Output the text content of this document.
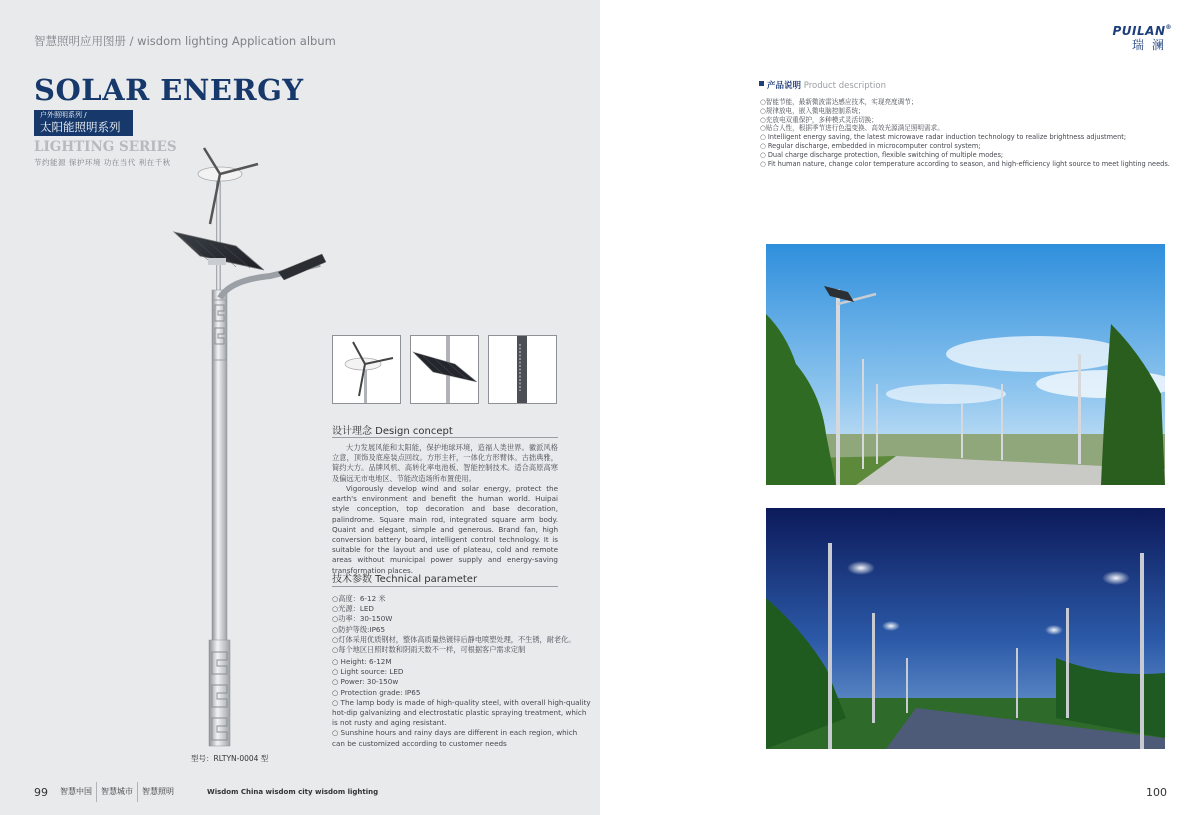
智慧照明应用图册 / wisdom lighting Application album
SOLAR ENERGY
户外照明系列 /
太阳能照明系列
LIGHTING SERIES
节约能源 保护环境 功在当代 利在千秋
型号：RLTYN-0004 型
设计理念 Design concept
大力发展风能和太阳能，保护地球环境，造福人类世界。徽派风格立意，顶饰及底座装点回纹。方形主杆，一体化方形臂体。古拙典雅，简约大方。品牌风机、高转化率电池板、智能控制技术。适合高原高寒及偏远无市电地区、节能改造场所布置使用。
Vigorously develop wind and solar energy, protect the earth's environment and benefit the human world. Huipai style conception, top decoration and base decoration, palindrome. Square main rod, integrated square arm body. Quaint and elegant, simple and generous. Brand fan, high conversion battery board, intelligent control technology. It is suitable for the layout and use of plateau, cold and remote areas without municipal power supply and energy-saving transformation places.
技术参数 Technical parameter
○高度：6-12 米
○光源：LED
○功率：30-150W
○防护等级:IP65
○灯体采用优质钢材，整体高质量热镀锌后静电喷塑处理，不生锈，耐老化。
○每个地区日照时数和阴雨天数不一样，可根据客户需求定制
○ Height: 6-12M
○ Light source: LED
○ Power: 30-150w
○ Protection grade: IP65
○ The lamp body is made of high-quality steel, with overall high-quality
hot-dip galvanizing and electrostatic plastic spraying treatment, which
is not rusty and aging resistant.
○ Sunshine hours and rainy days are different in each region, which
can be customized according to customer needs
99	智慧中国	智慧城市	智慧照明	Wisdom China wisdom city wisdom lighting
PUILAN®
瑞澜
产品说明 Product description
○智能节能，最新微波雷达感应技术，实现亮度调节；
○规律放电，嵌入微电脑控制系统；
○充放电双重保护，多种模式灵活切换；
○贴合人性，根据季节进行色温变换、高效光源满足照明需求。
○ Intelligent energy saving, the latest microwave radar induction technology to realize brightness adjustment;
○ Regular discharge, embedded in microcomputer control system;
○ Dual charge discharge protection, flexible switching of multiple modes;
○ Fit human nature, change color temperature according to season, and high-efficiency light source to meet lighting needs.
100
